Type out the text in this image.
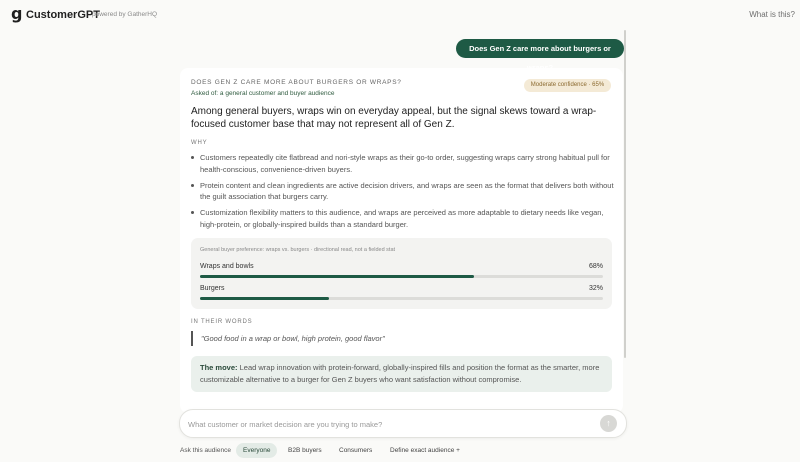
g CustomerGPT
powered by GatherHQ	What is this?
Does Gen Z care more about burgers or
DOES GEN Z CARE MORE ABOUT BURGERS OR WRAPS?
Asked of: a general customer and buyer audience
Moderate confidence · 65%
Among general buyers, wraps win on everyday appeal, but the signal skews toward a wrap-focused customer base that may not represent all of Gen Z.
WHY
Customers repeatedly cite flatbread and nori-style wraps as their go-to order, suggesting wraps carry strong habitual pull for health-conscious, convenience-driven buyers.
Protein content and clean ingredients are active decision drivers, and wraps are seen as the format that delivers both without the guilt association that burgers carry.
Customization flexibility matters to this audience, and wraps are perceived as more adaptable to dietary needs like vegan, high-protein, or globally-inspired builds than a standard burger.
General buyer preference: wraps vs. burgers · directional read, not a fielded stat
Wraps and bowls	68%
Burgers	32%
IN THEIR WORDS
"Good food in a wrap or bowl, high protein, good flavor"
The move: Lead wrap innovation with protein-forward, globally-inspired fills and position the format as the smarter, more customizable alternative to a burger for Gen Z buyers who want satisfaction without compromise.
What customer or market decision are you trying to make?
↑
Ask this audience	Everyone	B2B buyers	Consumers	Define exact audience +
